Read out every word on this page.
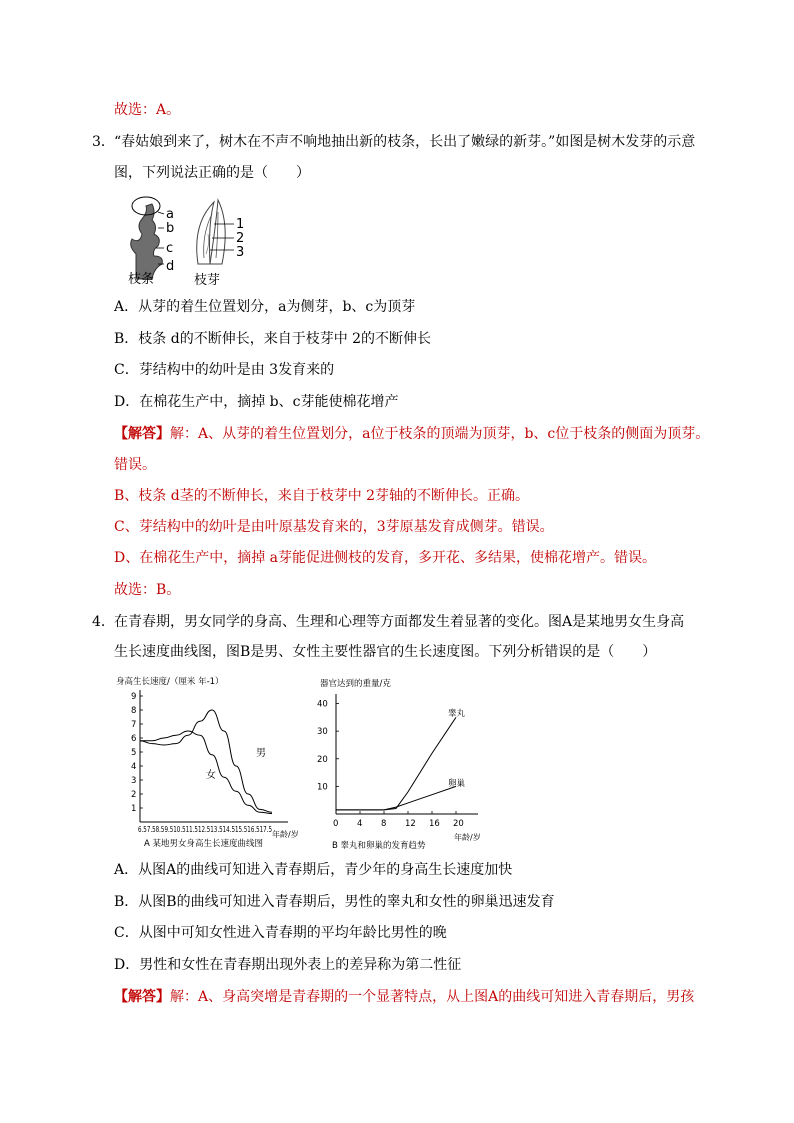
故选：A。
3． “春姑娘到来了，树木在不声不响地抽出新的枝条，长出了嫩绿的新芽。”如图是树木发芽的示意
图，下列说法正确的是（　　）
a
b
c
d
1
2
3
枝条	枝芽
A．从芽的着生位置划分，a为侧芽，b、c为顶芽
B．枝条 d的不断伸长，来自于枝芽中 2的不断伸长
C．芽结构中的幼叶是由 3发育来的
D．在棉花生产中，摘掉 b、c芽能使棉花增产
【解答】解：A、从芽的着生位置划分，a位于枝条的顶端为顶芽，b、c位于枝条的侧面为顶芽。
错误。
B、枝条 d茎的不断伸长，来自于枝芽中 2芽轴的不断伸长。正确。
C、芽结构中的幼叶是由叶原基发育来的，3芽原基发育成侧芽。错误。
D、在棉花生产中，摘掉 a芽能促进侧枝的发育，多开花、多结果，使棉花增产。错误。
故选：B。
4． 在青春期，男女同学的身高、生理和心理等方面都发生着显著的变化。图A是某地男女生身高
生长速度曲线图，图B是男、女性主要性器官的生长速度图。下列分析错误的是（　　）
身高生长速度/（厘米 年-1）
1
2
3
4
5
6
7
8
9
6.57.58.59.510.511.512.513.514.515.516.517.5
年龄/岁
A 某地男女身高生长速度曲线图
男
女
器官达到的重量/克
10
20
30
40
0 4 8 12 16 20
年龄/岁
B 睾丸和卵巢的发育趋势
睾丸
卵巢
A．从图A的曲线可知进入青春期后，青少年的身高生长速度加快
B．从图B的曲线可知进入青春期后，男性的睾丸和女性的卵巢迅速发育
C．从图中可知女性进入青春期的平均年龄比男性的晚
D．男性和女性在青春期出现外表上的差异称为第二性征
【解答】解：A、身高突增是青春期的一个显著特点，从上图A的曲线可知进入青春期后，男孩
